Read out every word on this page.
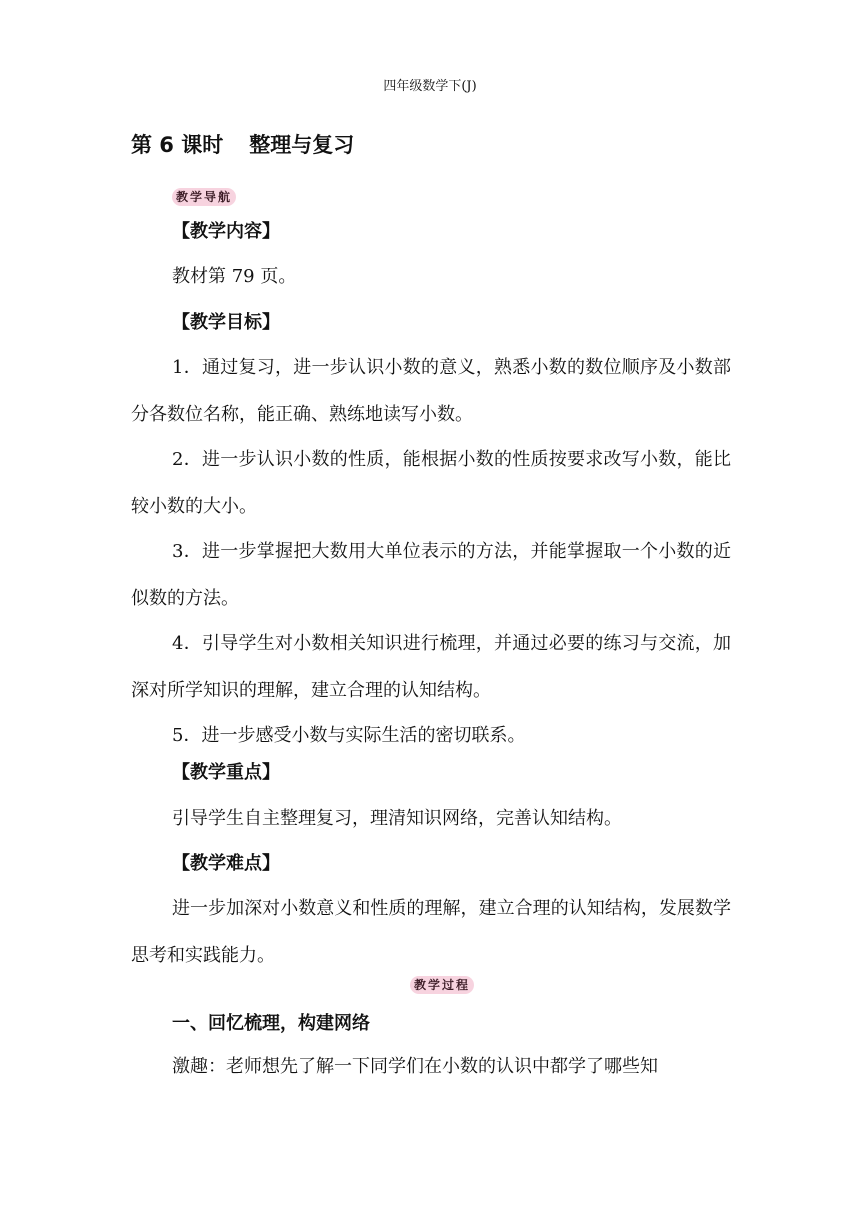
四年级数学下(J)
第 6 课时 整理与复习
教学导航
【教学内容】
教材第 79 页。
【教学目标】
1．通过复习，进一步认识小数的意义，熟悉小数的数位顺序及小数部分各数位名称，能正确、熟练地读写小数。
2．进一步认识小数的性质，能根据小数的性质按要求改写小数，能比较小数的大小。
3．进一步掌握把大数用大单位表示的方法，并能掌握取一个小数的近似数的方法。
4．引导学生对小数相关知识进行梳理，并通过必要的练习与交流，加深对所学知识的理解，建立合理的认知结构。
5．进一步感受小数与实际生活的密切联系。
【教学重点】
引导学生自主整理复习，理清知识网络，完善认知结构。
【教学难点】
进一步加深对小数意义和性质的理解，建立合理的认知结构，发展数学思考和实践能力。
教学过程
一、回忆梳理，构建网络
激趣：老师想先了解一下同学们在小数的认识中都学了哪些知
